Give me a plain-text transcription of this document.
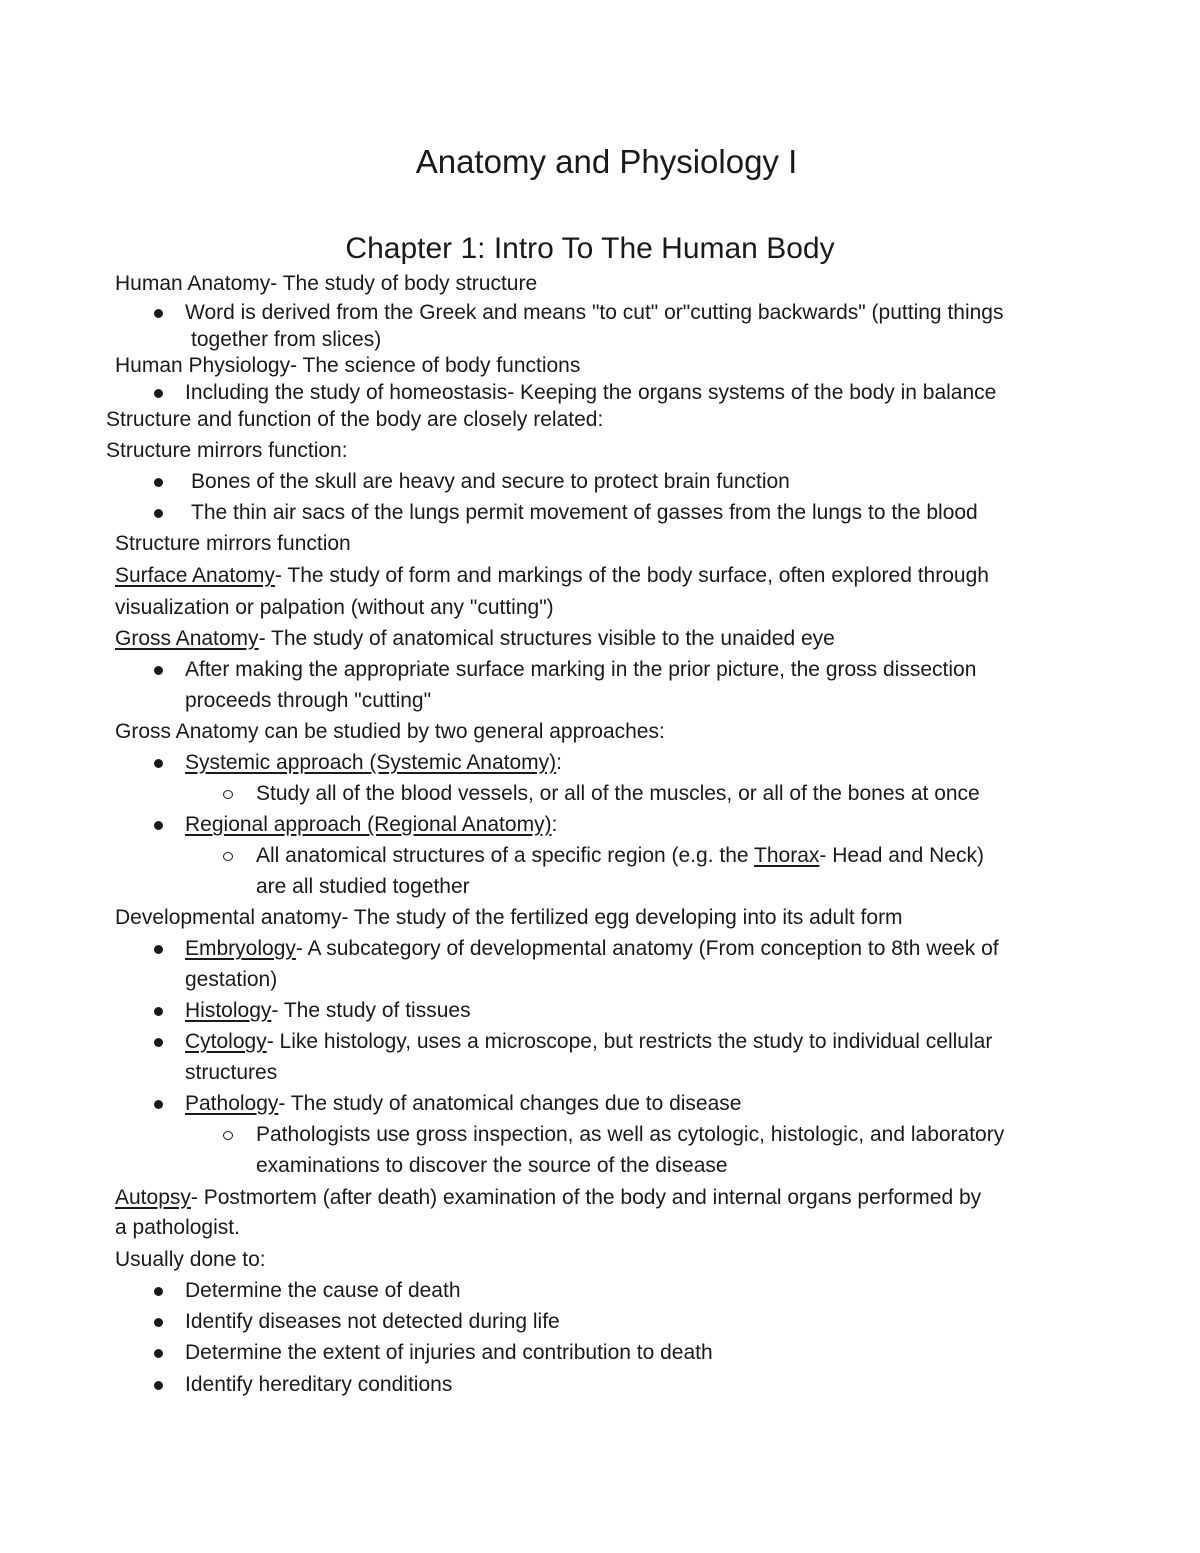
Anatomy and Physiology I
Chapter 1: Intro To The Human Body

Human Anatomy- The study of body structure

Word is derived from the Greek and means "to cut" or"cutting backwards" (putting things

together from slices)

Human Physiology- The science of body functions

Including the study of homeostasis- Keeping the organs systems of the body in balance

Structure and function of the body are closely related:

Structure mirrors function:

Bones of the skull are heavy and secure to protect brain function

The thin air sacs of the lungs permit movement of gasses from the lungs to the blood

Structure mirrors function

Surface Anatomy- The study of form and markings of the body surface, often explored through

visualization or palpation (without any "cutting")

Gross Anatomy- The study of anatomical structures visible to the unaided eye

After making the appropriate surface marking in the prior picture, the gross dissection

proceeds through "cutting"

Gross Anatomy can be studied by two general approaches:

Systemic approach (Systemic Anatomy):

Study all of the blood vessels, or all of the muscles, or all of the bones at once

Regional approach (Regional Anatomy):

All anatomical structures of a specific region (e.g. the Thorax- Head and Neck)

are all studied together

Developmental anatomy- The study of the fertilized egg developing into its adult form

Embryology- A subcategory of developmental anatomy (From conception to 8th week of

gestation)

Histology- The study of tissues

Cytology- Like histology, uses a microscope, but restricts the study to individual cellular

structures

Pathology- The study of anatomical changes due to disease

Pathologists use gross inspection, as well as cytologic, histologic, and laboratory

examinations to discover the source of the disease

Autopsy- Postmortem (after death) examination of the body and internal organs performed by

a pathologist.

Usually done to:

Determine the cause of death

Identify diseases not detected during life

Determine the extent of injuries and contribution to death

Identify hereditary conditions
